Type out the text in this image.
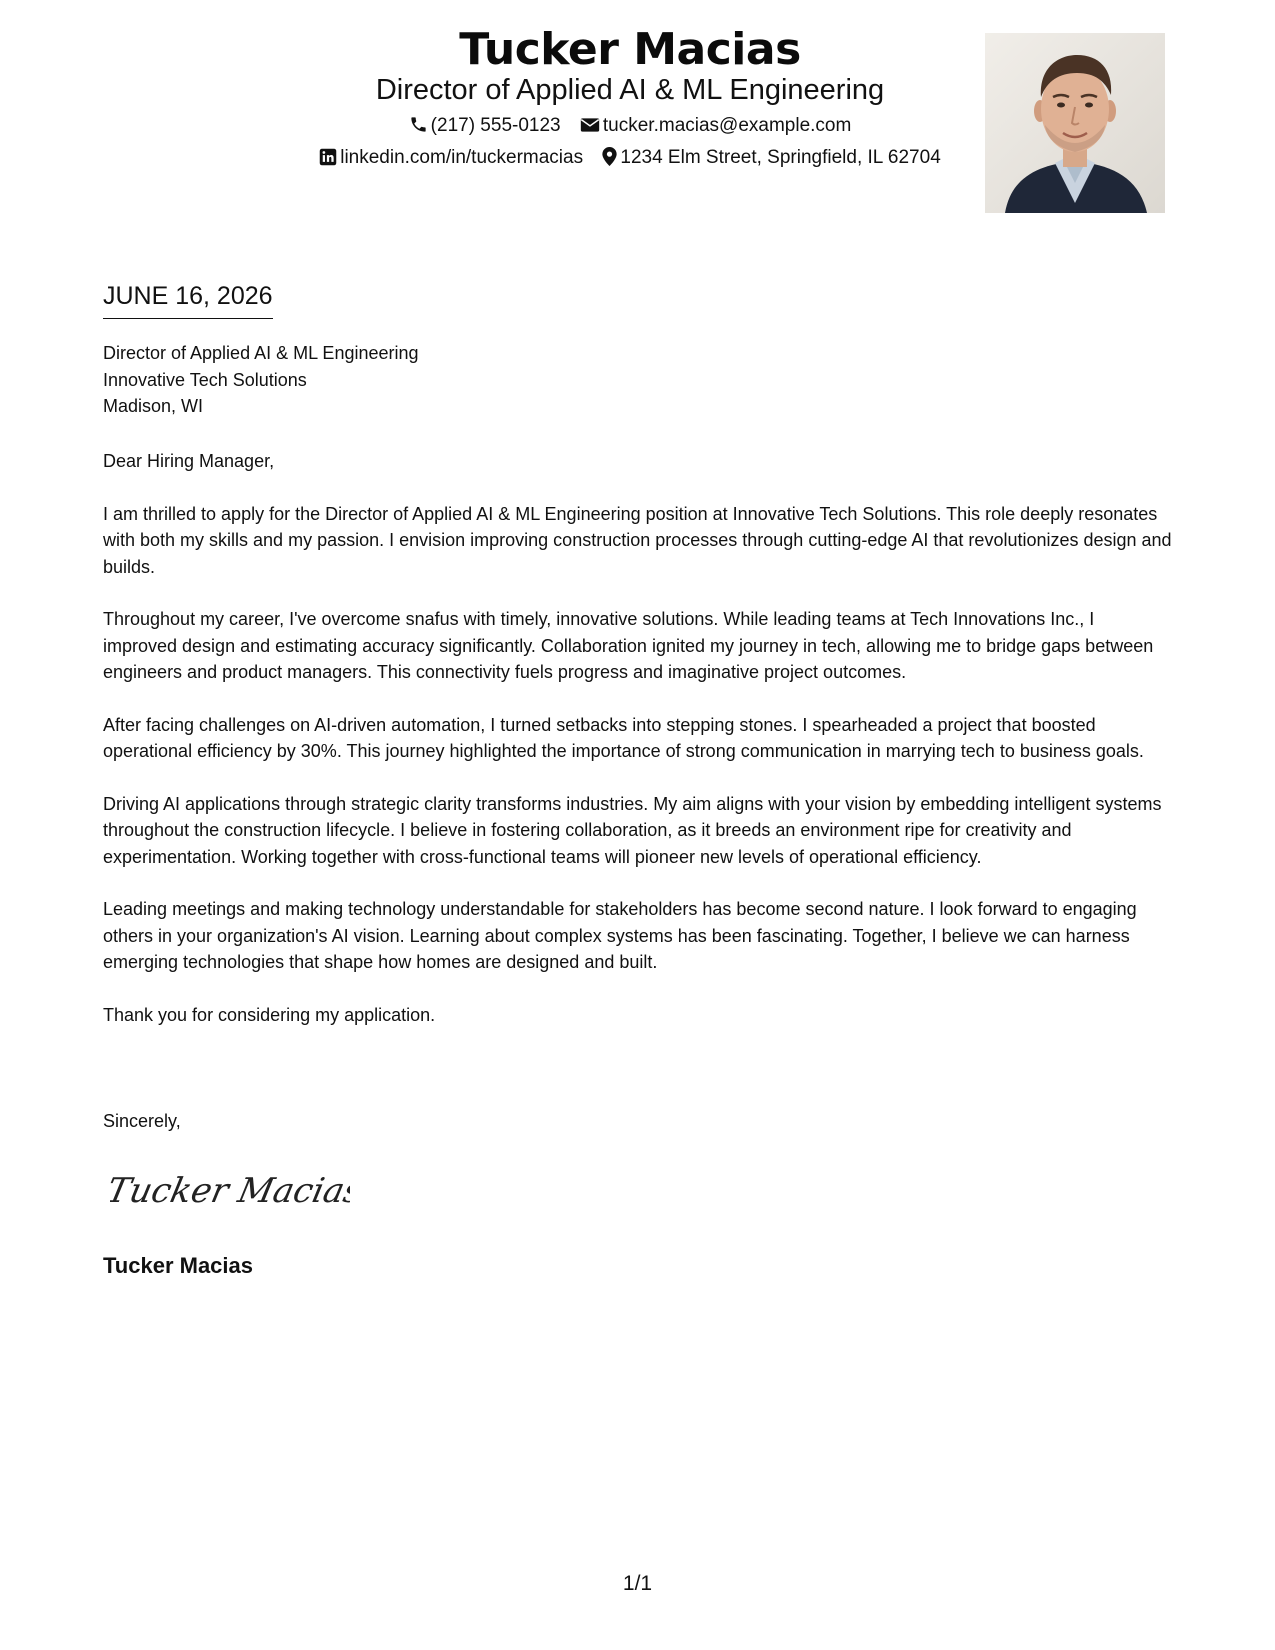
Tucker Macias
Director of Applied AI & ML Engineering
(217) 555-0123 tucker.macias@example.com
linkedin.com/in/tuckermacias 1234 Elm Street, Springfield, IL 62704
JUNE 16, 2026
Director of Applied AI & ML Engineering
Innovative Tech Solutions
Madison, WI

Dear Hiring Manager,

I am thrilled to apply for the Director of Applied AI & ML Engineering position at Innovative Tech Solutions. This role deeply resonates with both my skills and my passion. I envision improving construction processes through cutting-edge AI that revolutionizes design and builds.

Throughout my career, I've overcome snafus with timely, innovative solutions. While leading teams at Tech Innovations Inc., I improved design and estimating accuracy significantly. Collaboration ignited my journey in tech, allowing me to bridge gaps between engineers and product managers. This connectivity fuels progress and imaginative project outcomes.

After facing challenges on AI-driven automation, I turned setbacks into stepping stones. I spearheaded a project that boosted operational efficiency by 30%. This journey highlighted the importance of strong communication in marrying tech to business goals.

Driving AI applications through strategic clarity transforms industries. My aim aligns with your vision by embedding intelligent systems throughout the construction lifecycle. I believe in fostering collaboration, as it breeds an environment ripe for creativity and experimentation. Working together with cross-functional teams will pioneer new levels of operational efficiency.

Leading meetings and making technology understandable for stakeholders has become second nature. I look forward to engaging others in your organization's AI vision. Learning about complex systems has been fascinating. Together, I believe we can harness emerging technologies that shape how homes are designed and built.

Thank you for considering my application.

Sincerely,
Tucker Macias
Tucker Macias
1/1
